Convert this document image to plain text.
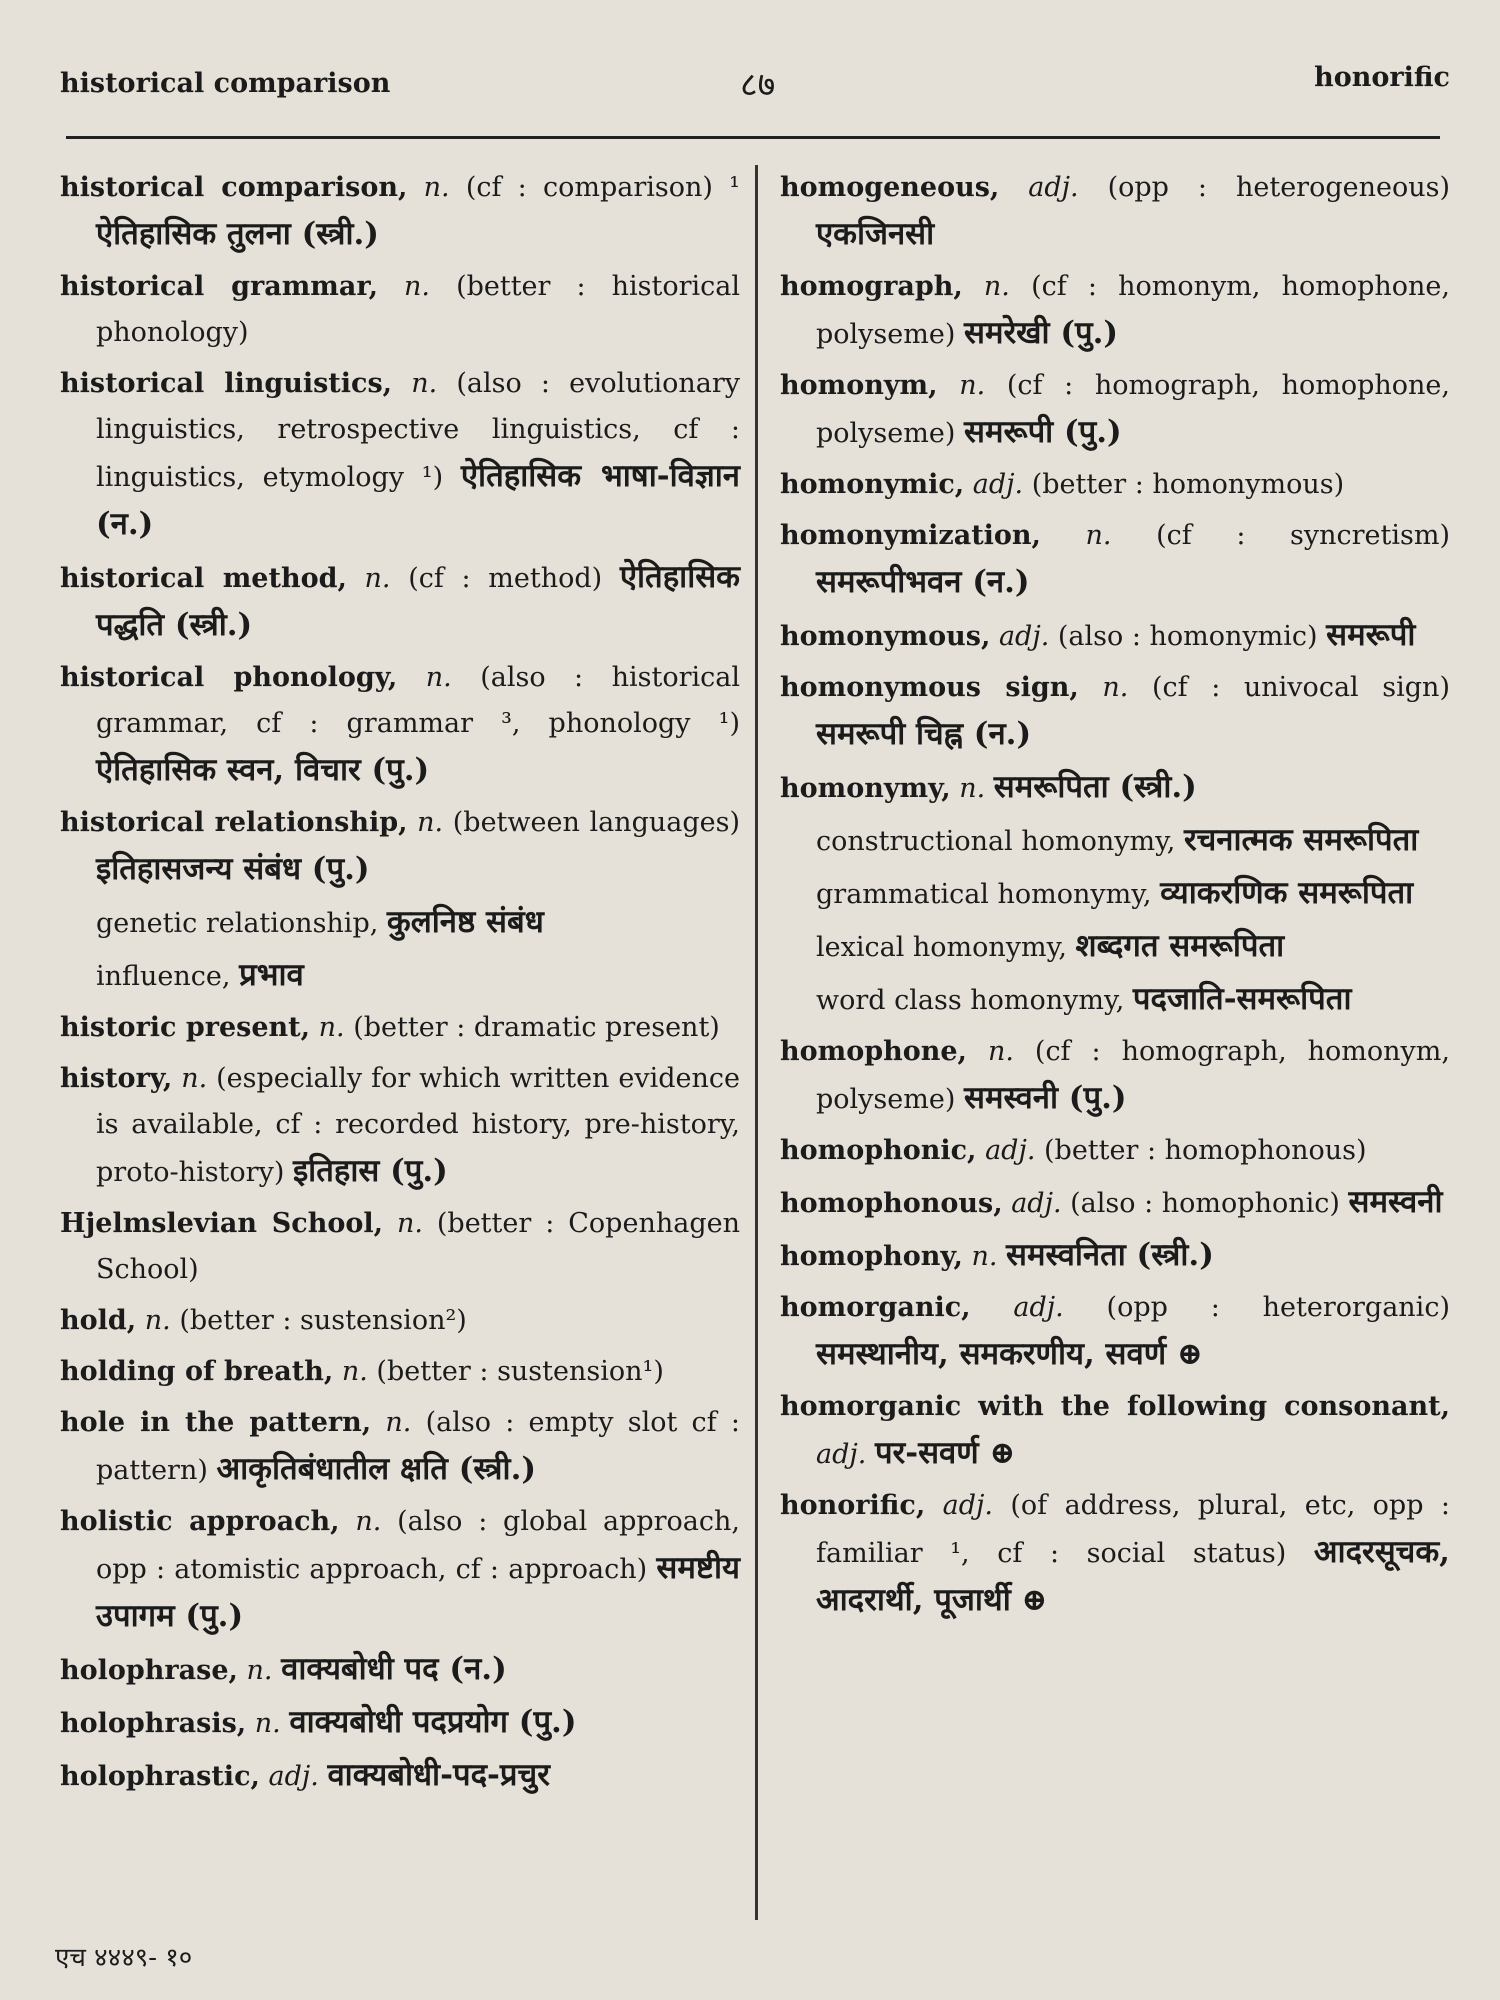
historical comparison	८७	honorific
historical comparison, n. (cf : comparison) ¹ ऐतिहासिक तुलना (स्त्री.)
historical grammar, n. (better : historical phonology)
historical linguistics, n. (also : evolutionary linguistics, retrospective linguistics, cf : linguistics, etymology ¹) ऐतिहासिक भाषा-विज्ञान (न.)
historical method, n. (cf : method) ऐतिहासिक पद्धति (स्त्री.)
historical phonology, n. (also : historical grammar, cf : grammar ³, phonology ¹) ऐतिहासिक स्वन, विचार (पु.)
historical relationship, n. (between languages) इतिहासजन्य संबंध (पु.)
genetic relationship, कुलनिष्ठ संबंध
influence, प्रभाव
historic present, n. (better : dramatic present)
history, n. (especially for which written evidence is available, cf : recorded history, pre-history, proto-history) इतिहास (पु.)
Hjelmslevian School, n. (better : Copenhagen School)
hold, n. (better : sustension²)
holding of breath, n. (better : sustension¹)
hole in the pattern, n. (also : empty slot cf : pattern) आकृतिबंधातील क्षति (स्त्री.)
holistic approach, n. (also : global approach, opp : atomistic approach, cf : approach) समष्टीय उपागम (पु.)
holophrase, n. वाक्यबोधी पद (न.)
holophrasis, n. वाक्यबोधी पदप्रयोग (पु.)
holophrastic, adj. वाक्यबोधी-पद-प्रचुर
homogeneous, adj. (opp : heterogeneous) एकजिनसी
homograph, n. (cf : homonym, homophone, polyseme) समरेखी (पु.)
homonym, n. (cf : homograph, homophone, polyseme) समरूपी (पु.)
homonymic, adj. (better : homonymous)
homonymization, n. (cf : syncretism) समरूपीभवन (न.)
homonymous, adj. (also : homonymic) समरूपी
homonymous sign, n. (cf : univocal sign) समरूपी चिह्न (न.)
homonymy, n. समरूपिता (स्त्री.)
constructional homonymy, रचनात्मक समरूपिता
grammatical homonymy, व्याकरणिक समरूपिता
lexical homonymy, शब्दगत समरूपिता
word class homonymy, पदजाति-समरूपिता
homophone, n. (cf : homograph, homonym, polyseme) समस्वनी (पु.)
homophonic, adj. (better : homophonous)
homophonous, adj. (also : homophonic) समस्वनी
homophony, n. समस्वनिता (स्त्री.)
homorganic, adj. (opp : heterorganic) समस्थानीय, समकरणीय, सवर्ण ⊕
homorganic with the following consonant, adj. पर-सवर्ण ⊕
honorific, adj. (of address, plural, etc, opp : familiar ¹, cf : social status) आदरसूचक, आदरार्थी, पूजार्थी ⊕
एच ४४४९- १०
